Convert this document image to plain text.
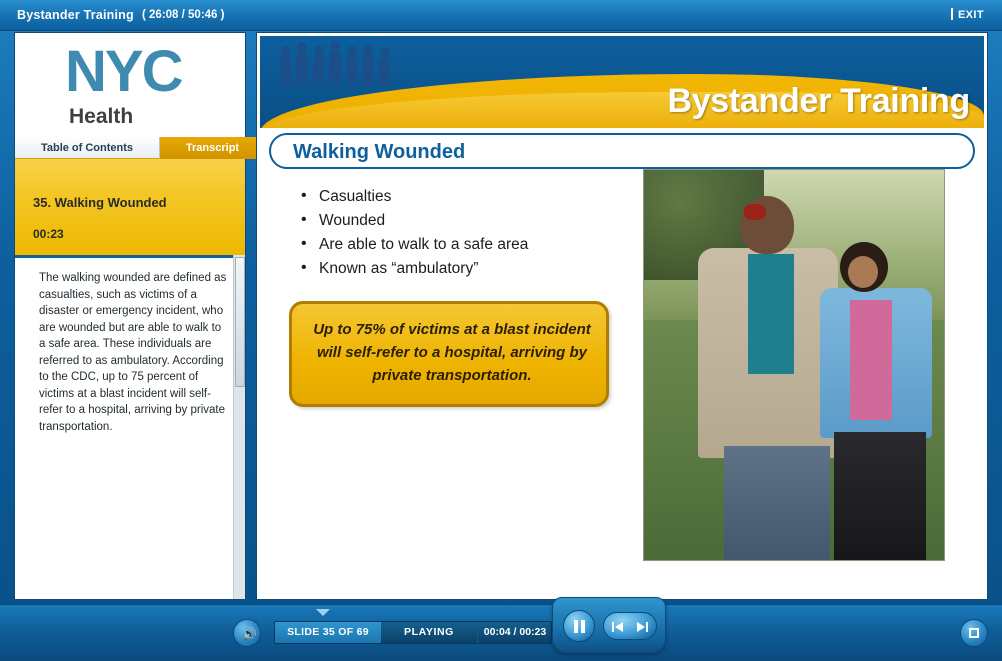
Bystander Training ( 26:08 / 50:46 )	EXIT
NYC
Health
Table of Contents	Transcript
35. Walking Wounded
00:23
The walking wounded are defined as casualties, such as victims of a disaster or emergency incident, who are wounded but are able to walk to a safe area. These individuals are referred to as ambulatory. According to the CDC, up to 75 percent of victims at a blast incident will self-refer to a hospital, arriving by private transportation.
Bystander Training
Walking Wounded
• Casualties
• Wounded
• Are able to walk to a safe area
• Known as “ambulatory”
Up to 75% of victims at a blast incident will self-refer to a hospital, arriving by private transportation.
🔊	SLIDE 35 OF 69	PLAYING	00:04 / 00:23
